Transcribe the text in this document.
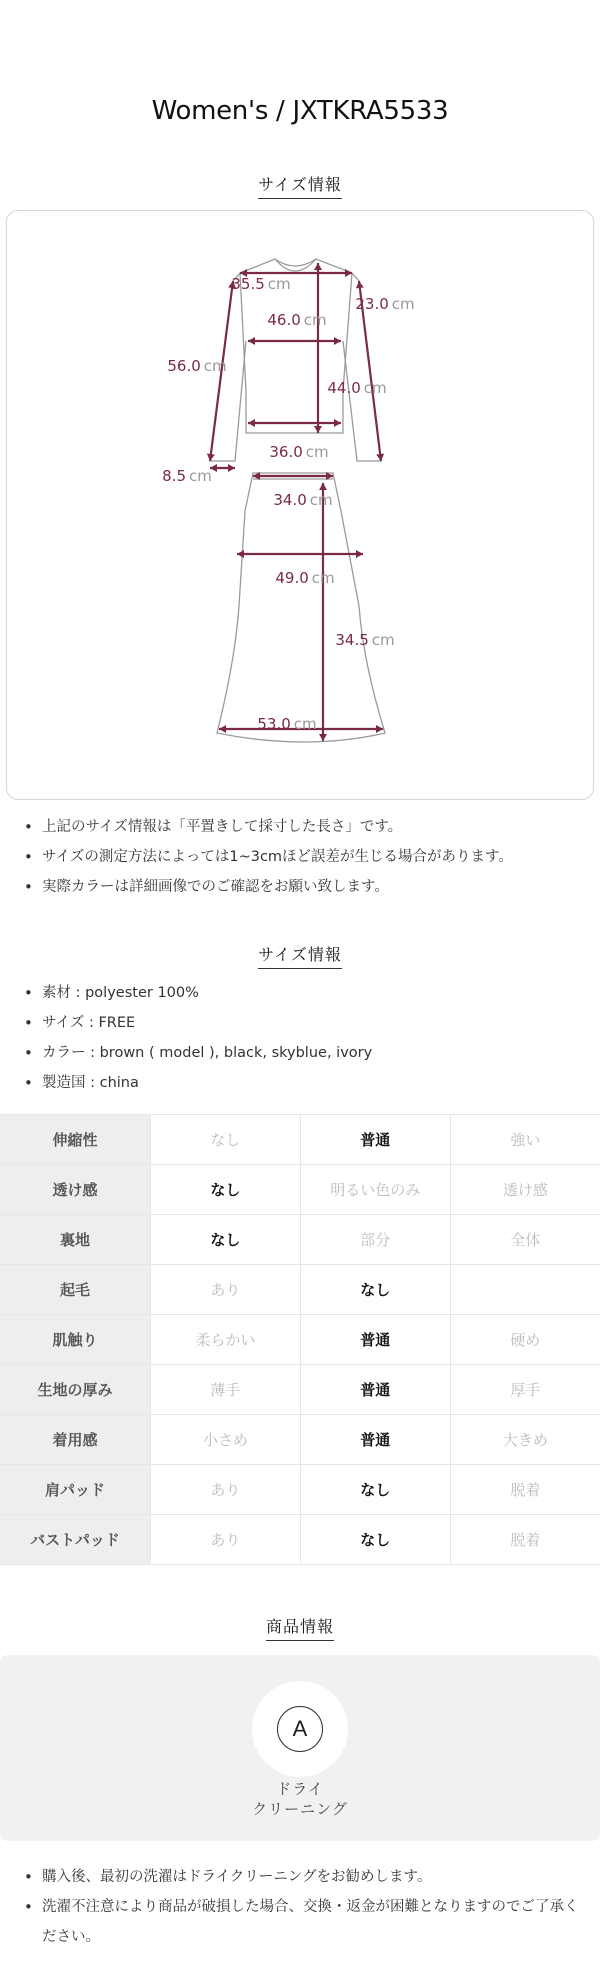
Women's / JXTKRA5533
サイズ情報
35.5 cm
23.0 cm
46.0 cm
56.0 cm
44.0 cm
36.0 cm
8.5 cm
34.0 cm
49.0 cm
34.5 cm
53.0 cm
• 上記のサイズ情報は「平置きして採寸した長さ」です。
• サイズの測定方法によっては1~3cmほど誤差が生じる場合があります。
• 実際カラーは詳細画像でのご確認をお願い致します。
サイズ情報
• 素材 : polyester 100%
• サイズ : FREE
• カラー : brown ( model ), black, skyblue, ivory
• 製造国 : china
伸縮性	なし	普通	強い
透け感	なし	明るい色のみ	透け感
裏地	なし	部分	全体
起毛	あり	なし	
肌触り	柔らかい	普通	硬め
生地の厚み	薄手	普通	厚手
着用感	小さめ	普通	大きめ
肩パッド	あり	なし	脱着
バストパッド	あり	なし	脱着
商品情報
A
ドライ
クリーニング
• 購入後、最初の洗濯はドライクリーニングをお勧めします。
• 洗濯不注意により商品が破損した場合、交換・返金が困難となりますのでご了承ください。
